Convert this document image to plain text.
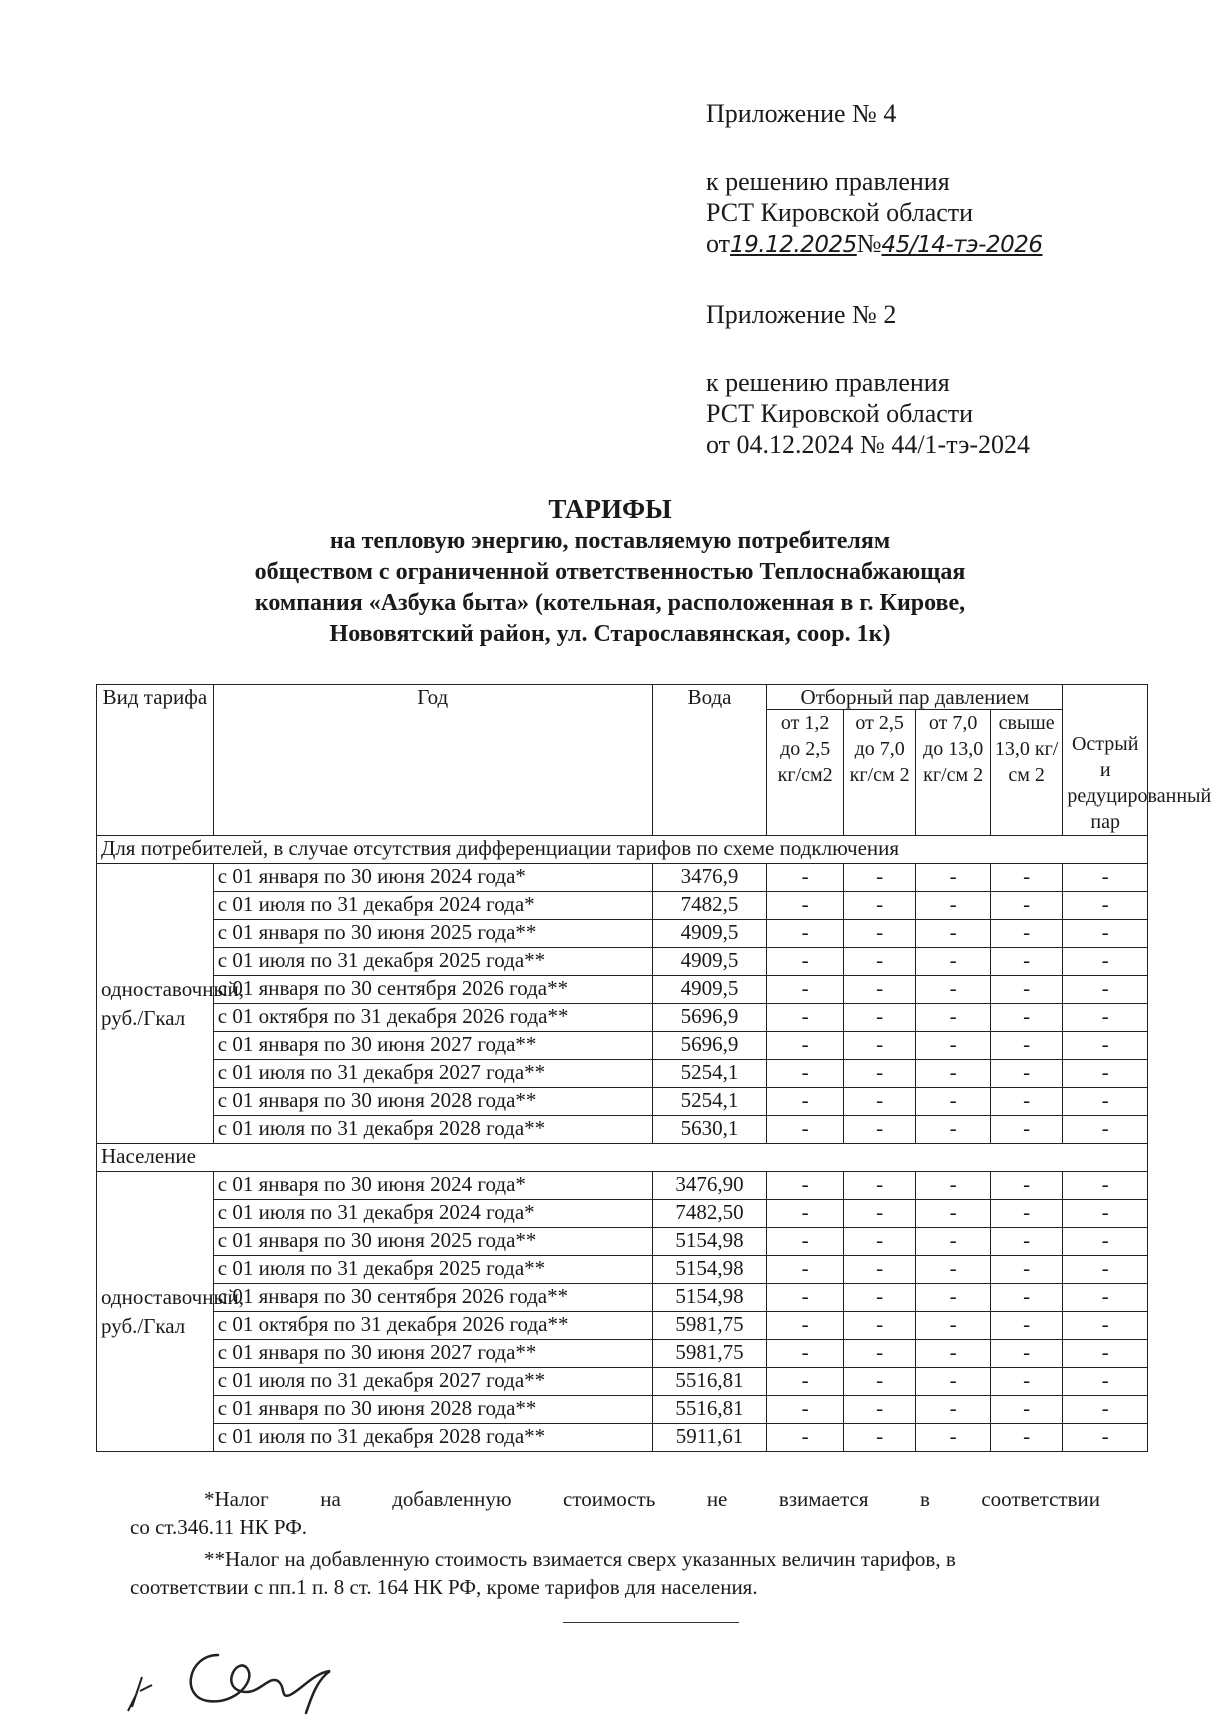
Приложение № 4
к решению правления
РСТ Кировской области
от19.12.2025№45/14-тэ-2026
Приложение № 2
к решению правления
РСТ Кировской области
от 04.12.2024 № 44/1-тэ-2024
ТАРИФЫ
на тепловую энергию, поставляемую потребителям
обществом с ограниченной ответственностью Теплоснабжающая
компания «Азбука быта» (котельная, расположенная в г. Кирове,
Нововятский район, ул. Старославянская, соор. 1к)
Вид тарифа	Год	Вода	Отборный пар давлением				Острый и редуцированный пар
			от 1,2 до 2,5 кг/см2	от 2,5 до 7,0 кг/см 2	от 7,0 до 13,0 кг/см 2	свыше 13,0 кг/см 2	
Для потребителей, в случае отсутствия дифференциации тарифов по схеме подключения							
одноставочный, руб./Гкал	с 01 января по 30 июня 2024 года*	3476,9	-	-	-	-	-
	с 01 июля по 31 декабря 2024 года*	7482,5	-	-	-	-	-
	с 01 января по 30 июня 2025 года**	4909,5	-	-	-	-	-
	с 01 июля по 31 декабря 2025 года**	4909,5	-	-	-	-	-
	с 01 января по 30 сентября 2026 года**	4909,5	-	-	-	-	-
	с 01 октября по 31 декабря 2026 года**	5696,9	-	-	-	-	-
	с 01 января по 30 июня 2027 года**	5696,9	-	-	-	-	-
	с 01 июля по 31 декабря 2027 года**	5254,1	-	-	-	-	-
	с 01 января по 30 июня 2028 года**	5254,1	-	-	-	-	-
	с 01 июля по 31 декабря 2028 года**	5630,1	-	-	-	-	-
Население							
одноставочный, руб./Гкал	с 01 января по 30 июня 2024 года*	3476,90	-	-	-	-	-
	с 01 июля по 31 декабря 2024 года*	7482,50	-	-	-	-	-
	с 01 января по 30 июня 2025 года**	5154,98	-	-	-	-	-
	с 01 июля по 31 декабря 2025 года**	5154,98	-	-	-	-	-
	с 01 января по 30 сентября 2026 года**	5154,98	-	-	-	-	-
	с 01 октября по 31 декабря 2026 года**	5981,75	-	-	-	-	-
	с 01 января по 30 июня 2027 года**	5981,75	-	-	-	-	-
	с 01 июля по 31 декабря 2027 года**	5516,81	-	-	-	-	-
	с 01 января по 30 июня 2028 года**	5516,81	-	-	-	-	-
	с 01 июля по 31 декабря 2028 года**	5911,61	-	-	-	-	-
*Налог на добавленную стоимость не взимается в соответствии
со ст.346.11 НК РФ.
**Налог на добавленную стоимость взимается сверх указанных величин тарифов, в
соответствии с пп.1 п. 8 ст. 164 НК РФ, кроме тарифов для населения.
